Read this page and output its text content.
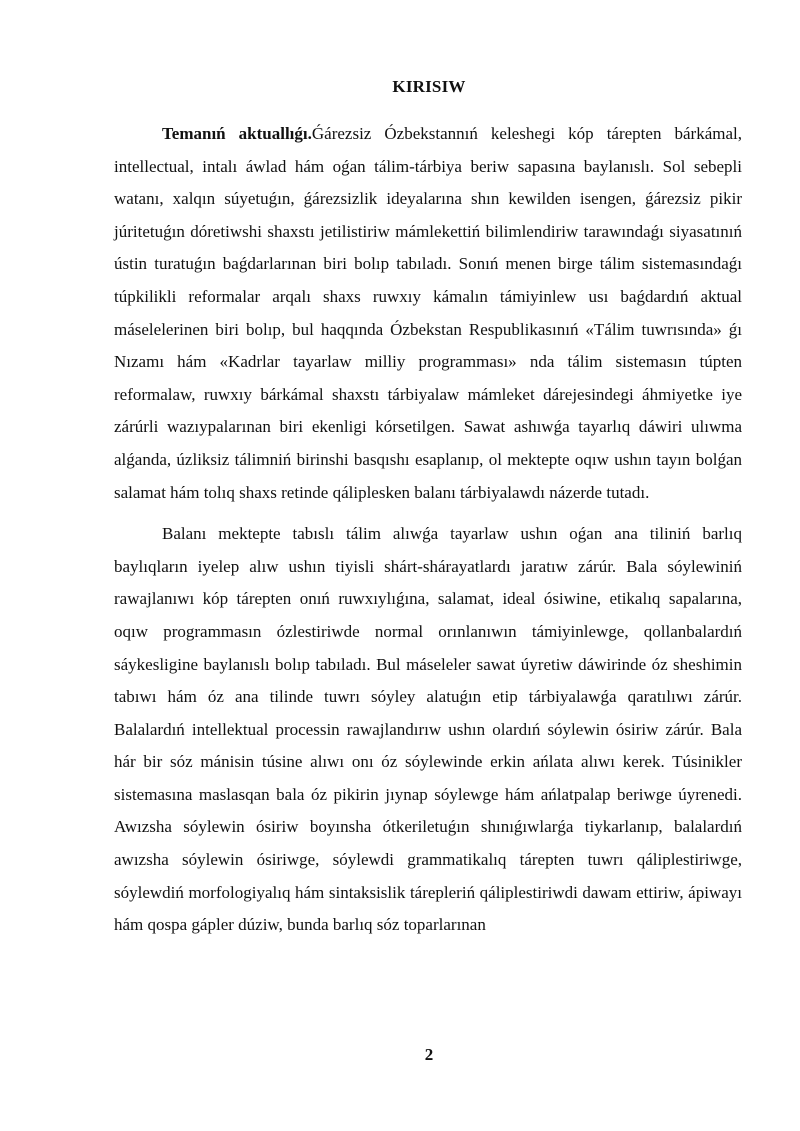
KIRISIW

Temanıń aktuallıǵı.Ǵárezsiz Ózbekstannıń keleshegi kóp tárepten bárkámal, intellectual, intalı áwlad hám oǵan tálim-tárbiya beriw sapasına baylanıslı. Sol sebepli watanı, xalqın súyetuǵın, ǵárezsizlik ideyalarına shın kewilden isengen, ǵárezsiz pikir júritetuǵın dóretiwshi shaxstı jetilistiriw mámlekettiń bilimlendiriw tarawındaǵı siyasatınıń ústin turatuǵın baǵdarlarınan biri bolıp tabıladı. Sonıń menen birge tálim sistemasındaǵı túpkilikli reformalar arqalı shaxs ruwxıy kámalın támiyinlew usı baǵdardıń aktual máselelerinen biri bolıp, bul haqqında Ózbekstan Respublikasınıń «Tálim tuwrısında» ǵı Nızamı hám «Kadrlar tayarlaw milliy programması» nda tálim sistemasın túpten reformalaw, ruwxıy bárkámal shaxstı tárbiyalaw mámleket dárejesindegi áhmiyetke iye zárúrli wazıypalarınan biri ekenligi kórsetilgen. Sawat ashıwǵa tayarlıq dáwiri ulıwma alǵanda, úzliksiz tálimniń birinshi basqıshı esaplanıp, ol mektepte oqıw ushın tayın bolǵan salamat hám tolıq shaxs retinde qáliplesken balanı tárbiyalawdı názerde tutadı.

Balanı mektepte tabıslı tálim alıwǵa tayarlaw ushın oǵan ana tiliniń barlıq baylıqların iyelep alıw ushın tiyisli shárt-shárayatlardı jaratıw zárúr. Bala sóylewiniń rawajlanıwı kóp tárepten onıń ruwxıylıǵına, salamat, ideal ósiwine, etikalıq sapalarına, oqıw programmasın ózlestiriwde normal orınlanıwın támiyinlewge, qollanbalardıń sáykesligine baylanıslı bolıp tabıladı. Bul máseleler sawat úyretiw dáwirinde óz sheshimin tabıwı hám óz ana tilinde tuwrı sóyley alatuǵın etip tárbiyalawǵa qaratılıwı zárúr. Balalardıń intellektual processin rawajlandırıw ushın olardıń sóylewin ósiriw zárúr. Bala hár bir sóz mánisin túsine alıwı onı óz sóylewinde erkin ańlata alıwı kerek. Túsinikler sistemasına maslasqan bala óz pikirin jıynap sóylewge hám ańlatpalap beriwge úyrenedi. Awızsha sóylewin ósiriw boyınsha ótkeriletuǵın shınıǵıwlarǵa tiykarlanıp, balalardıń awızsha sóylewin ósiriwge, sóylewdi grammatikalıq tárepten tuwrı qáliplestiriwge, sóylewdiń morfologiyalıq hám sintaksislik tárepleriń qáliplestiriwdi dawam ettiriw, ápiwayı hám qospa gápler dúziw, bunda barlıq sóz toparlarınan

2
